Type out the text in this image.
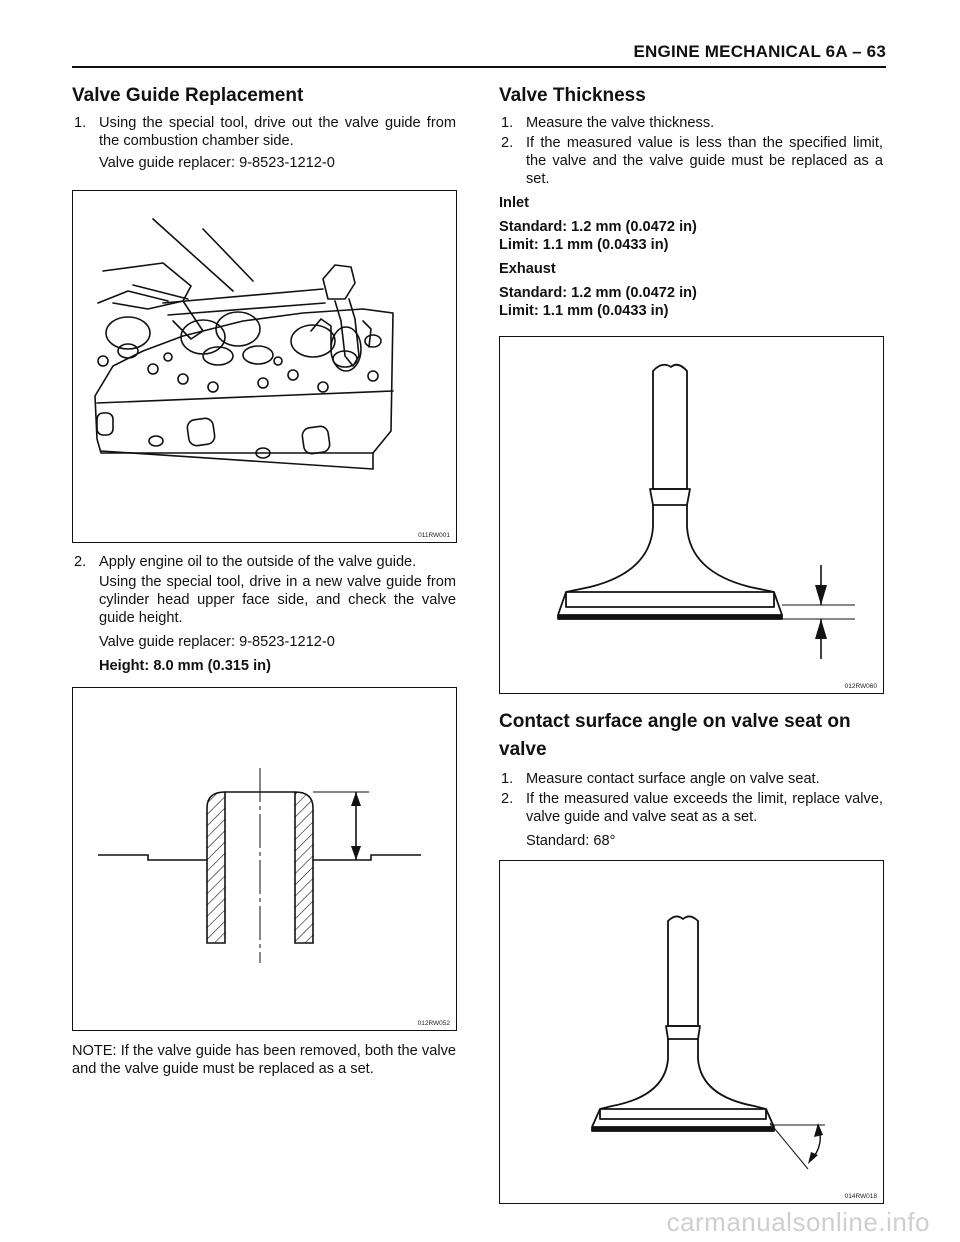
ENGINE MECHANICAL 6A – 63
Valve Guide Replacement
1. Using the special tool, drive out the valve guide from the combustion chamber side.
Valve guide replacer: 9-8523-1212-0
011RW001
2. Apply engine oil to the outside of the valve guide.
Using the special tool, drive in a new valve guide from cylinder head upper face side, and check the valve guide height.
Valve guide replacer: 9-8523-1212-0
Height: 8.0 mm (0.315 in)
012RW052
NOTE: If the valve guide has been removed, both the valve and the valve guide must be replaced as a set.
Valve Thickness
1. Measure the valve thickness.
2. If the measured value is less than the specified limit, the valve and the valve guide must be replaced as a set.
Inlet
Standard: 1.2 mm (0.0472 in)
Limit: 1.1 mm (0.0433 in)
Exhaust
Standard: 1.2 mm (0.0472 in)
Limit: 1.1 mm (0.0433 in)
012RW060
Contact surface angle on valve seat on
valve
1. Measure contact surface angle on valve seat.
2. If the measured value exceeds the limit, replace valve, valve guide and valve seat as a set.
Standard: 68°
014RW018
carmanualsonline.info
